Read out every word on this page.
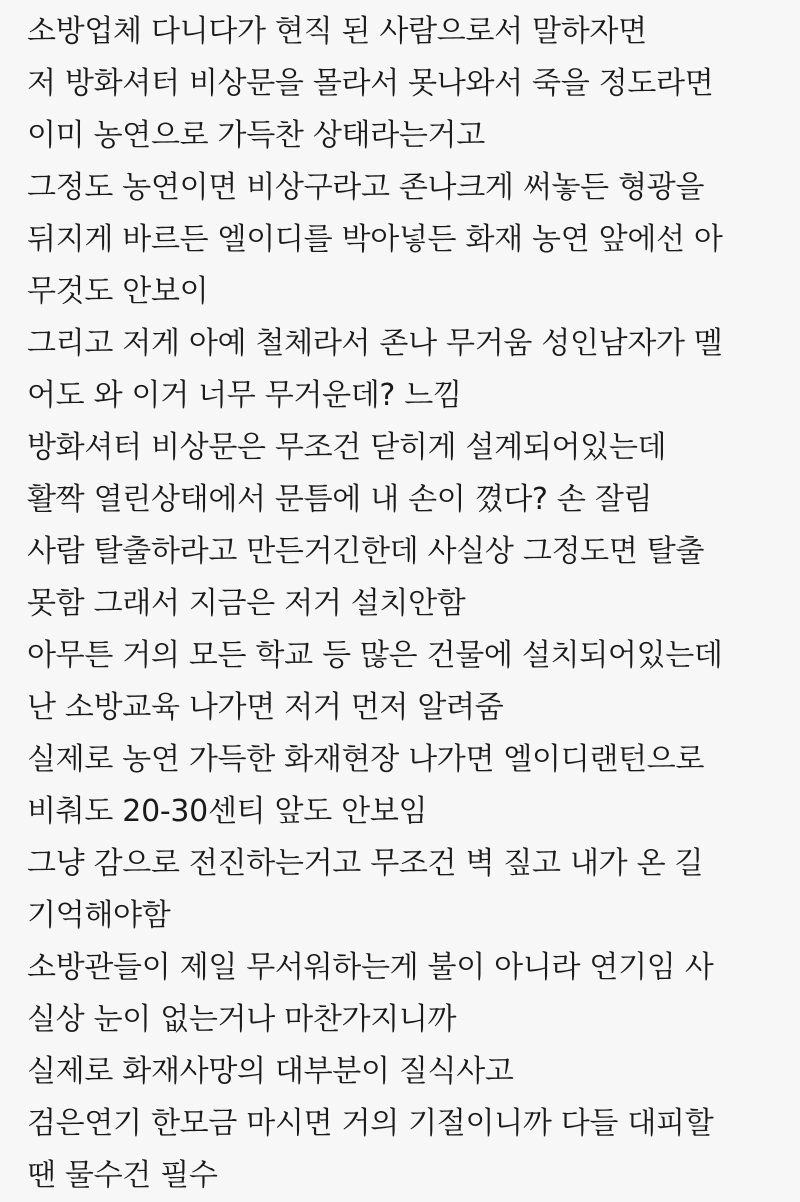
소방업체 다니다가 현직 된 사람으로서 말하자면
저 방화셔터 비상문을 몰라서 못나와서 죽을 정도라면
이미 농연으로 가득찬 상태라는거고
그정도 농연이면 비상구라고 존나크게 써놓든 형광을
뒤지게 바르든 엘이디를 박아넣든 화재 농연 앞에선 아
무것도 안보이
그리고 저게 아예 철체라서 존나 무거움 성인남자가 멜
어도 와 이거 너무 무거운데? 느낌
방화셔터 비상문은 무조건 닫히게 설계되어있는데
활짝 열린상태에서 문틈에 내 손이 꼈다? 손 잘림
사람 탈출하라고 만든거긴한데 사실상 그정도면 탈출
못함 그래서 지금은 저거 설치안함
아무튼 거의 모든 학교 등 많은 건물에 설치되어있는데
난 소방교육 나가면 저거 먼저 알려줌
실제로 농연 가득한 화재현장 나가면 엘이디랜턴으로
비춰도 20-30센티 앞도 안보임
그냥 감으로 전진하는거고 무조건 벽 짚고 내가 온 길
기억해야함
소방관들이 제일 무서워하는게 불이 아니라 연기임 사
실상 눈이 없는거나 마찬가지니까
실제로 화재사망의 대부분이 질식사고
검은연기 한모금 마시면 거의 기절이니까 다들 대피할
땐 물수건 필수
